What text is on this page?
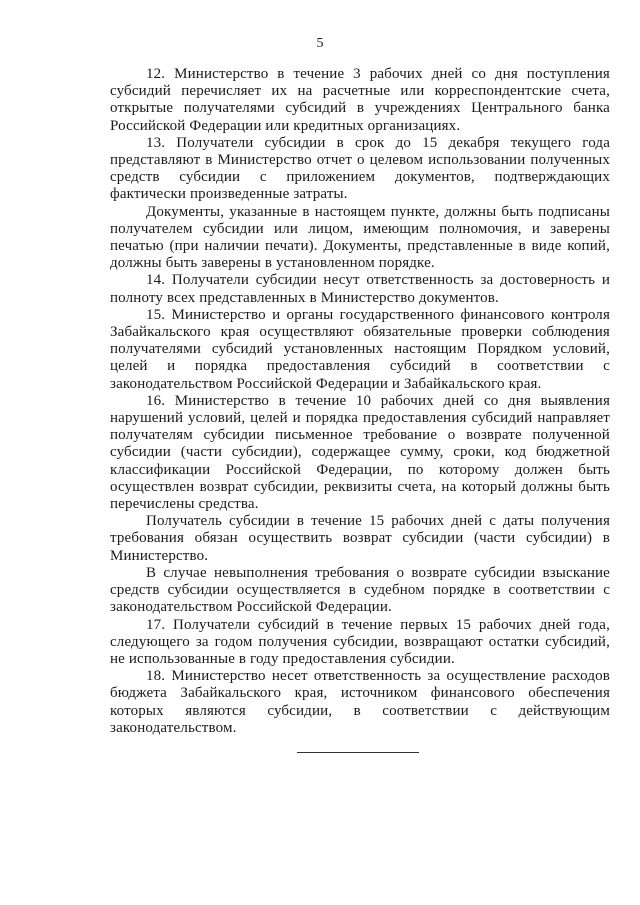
5

12. Министерство в течение 3 рабочих дней со дня поступления субсидий перечисляет их на расчетные или корреспондентские счета, открытые получателями субсидий в учреждениях Центрального банка Российской Федерации или кредитных организациях.

13. Получатели субсидии в срок до 15 декабря текущего года представляют в Министерство отчет о целевом использовании полученных средств субсидии с приложением документов, подтверждающих фактически произведенные затраты.

Документы, указанные в настоящем пункте, должны быть подписаны получателем субсидии или лицом, имеющим полномочия, и заверены печатью (при наличии печати). Документы, представленные в виде копий, должны быть заверены в установленном порядке.

14. Получатели субсидии несут ответственность за достоверность и полноту всех представленных в Министерство документов.

15. Министерство и органы государственного финансового контроля Забайкальского края осуществляют обязательные проверки соблюдения получателями субсидий установленных настоящим Порядком условий, целей и порядка предоставления субсидий в соответствии с законодательством Российской Федерации и Забайкальского края.

16. Министерство в течение 10 рабочих дней со дня выявления нарушений условий, целей и порядка предоставления субсидий направляет получателям субсидии письменное требование о возврате полученной субсидии (части субсидии), содержащее сумму, сроки, код бюджетной классификации Российской Федерации, по которому должен быть осуществлен возврат субсидии, реквизиты счета, на который должны быть перечислены средства.

Получатель субсидии в течение 15 рабочих дней с даты получения требования обязан осуществить возврат субсидии (части субсидии) в Министерство.

В случае невыполнения требования о возврате субсидии взыскание средств субсидии осуществляется в судебном порядке в соответствии с законодательством Российской Федерации.

17. Получатели субсидий в течение первых 15 рабочих дней года, следующего за годом получения субсидии, возвращают остатки субсидий, не использованные в году предоставления субсидии.

18. Министерство несет ответственность за осуществление расходов бюджета Забайкальского края, источником финансового обеспечения которых являются субсидии, в соответствии с действующим законодательством.
